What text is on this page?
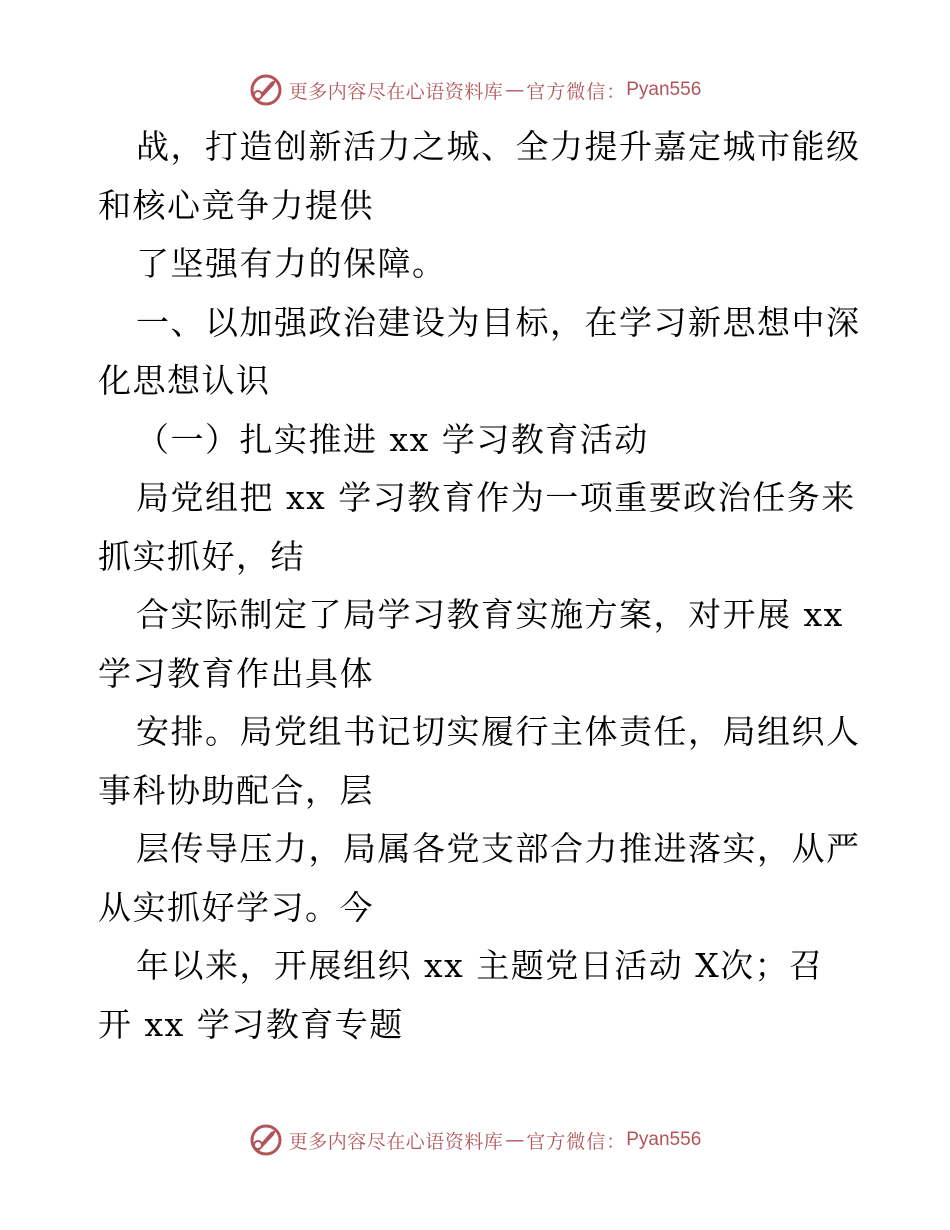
更多内容尽在心语资料库 — 官方微信： Pyan556
战，打造创新活力之城、全力提升嘉定城市能级
和核心竞争力提供
了坚强有力的保障。
一、以加强政治建设为目标，在学习新思想中深
化思想认识
（一）扎实推进 xx 学习教育活动
局党组把 xx 学习教育作为一项重要政治任务来
抓实抓好，结
合实际制定了局学习教育实施方案，对开展 xx
学习教育作出具体
安排。局党组书记切实履行主体责任，局组织人
事科协助配合，层
层传导压力，局属各党支部合力推进落实，从严
从实抓好学习。今
年以来，开展组织 xx 主题党日活动 X次；召
开 xx 学习教育专题
更多内容尽在心语资料库 — 官方微信： Pyan556
